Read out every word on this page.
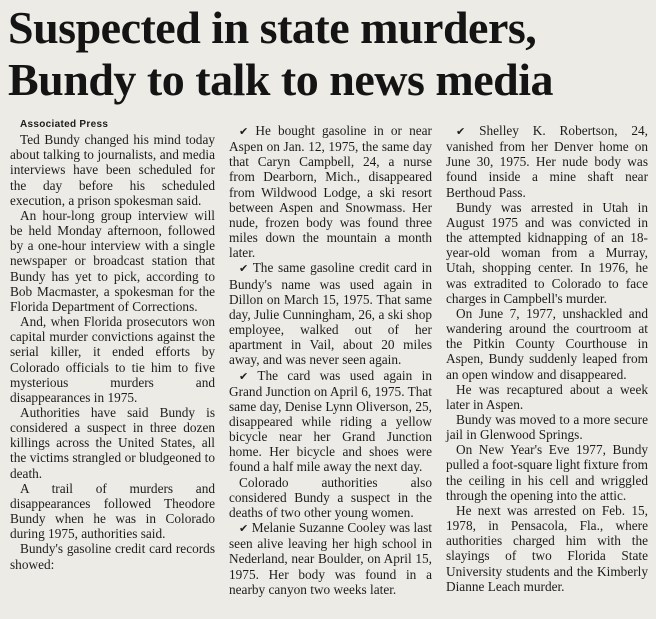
Suspected in state murders,
Bundy to talk to news media

Associated Press

Ted Bundy changed his mind today about talking to journalists, and media interviews have been scheduled for the day before his scheduled execution, a prison spokesman said.

An hour-long group interview will be held Monday afternoon, followed by a one-hour interview with a single newspaper or broadcast station that Bundy has yet to pick, according to Bob Macmaster, a spokesman for the Florida Department of Corrections.

And, when Florida prosecutors won capital murder convictions against the serial killer, it ended efforts by Colorado officials to tie him to five mysterious murders and disappearances in 1975.

Authorities have said Bundy is considered a suspect in three dozen killings across the United States, all the victims strangled or bludgeoned to death.

A trail of murders and disappearances followed Theodore Bundy when he was in Colorado during 1975, authorities said.

Bundy's gasoline credit card records showed:

✔ He bought gasoline in or near Aspen on Jan. 12, 1975, the same day that Caryn Campbell, 24, a nurse from Dearborn, Mich., disappeared from Wildwood Lodge, a ski resort between Aspen and Snowmass. Her nude, frozen body was found three miles down the mountain a month later.

✔ The same gasoline credit card in Bundy's name was used again in Dillon on March 15, 1975. That same day, Julie Cunningham, 26, a ski shop employee, walked out of her apartment in Vail, about 20 miles away, and was never seen again.

✔ The card was used again in Grand Junction on April 6, 1975. That same day, Denise Lynn Oliverson, 25, disappeared while riding a yellow bicycle near her Grand Junction home. Her bicycle and shoes were found a half mile away the next day.

Colorado authorities also considered Bundy a suspect in the deaths of two other young women.

✔ Melanie Suzanne Cooley was last seen alive leaving her high school in Nederland, near Boulder, on April 15, 1975. Her body was found in a nearby canyon two weeks later.

✔ Shelley K. Robertson, 24, vanished from her Denver home on June 30, 1975. Her nude body was found inside a mine shaft near Berthoud Pass.

Bundy was arrested in Utah in August 1975 and was convicted in the attempted kidnapping of an 18-year-old woman from a Murray, Utah, shopping center. In 1976, he was extradited to Colorado to face charges in Campbell's murder.

On June 7, 1977, unshackled and wandering around the courtroom at the Pitkin County Courthouse in Aspen, Bundy suddenly leaped from an open window and disappeared.

He was recaptured about a week later in Aspen.

Bundy was moved to a more secure jail in Glenwood Springs.

On New Year's Eve 1977, Bundy pulled a foot-square light fixture from the ceiling in his cell and wriggled through the opening into the attic.

He next was arrested on Feb. 15, 1978, in Pensacola, Fla., where authorities charged him with the slayings of two Florida State University students and the Kimberly Dianne Leach murder.
